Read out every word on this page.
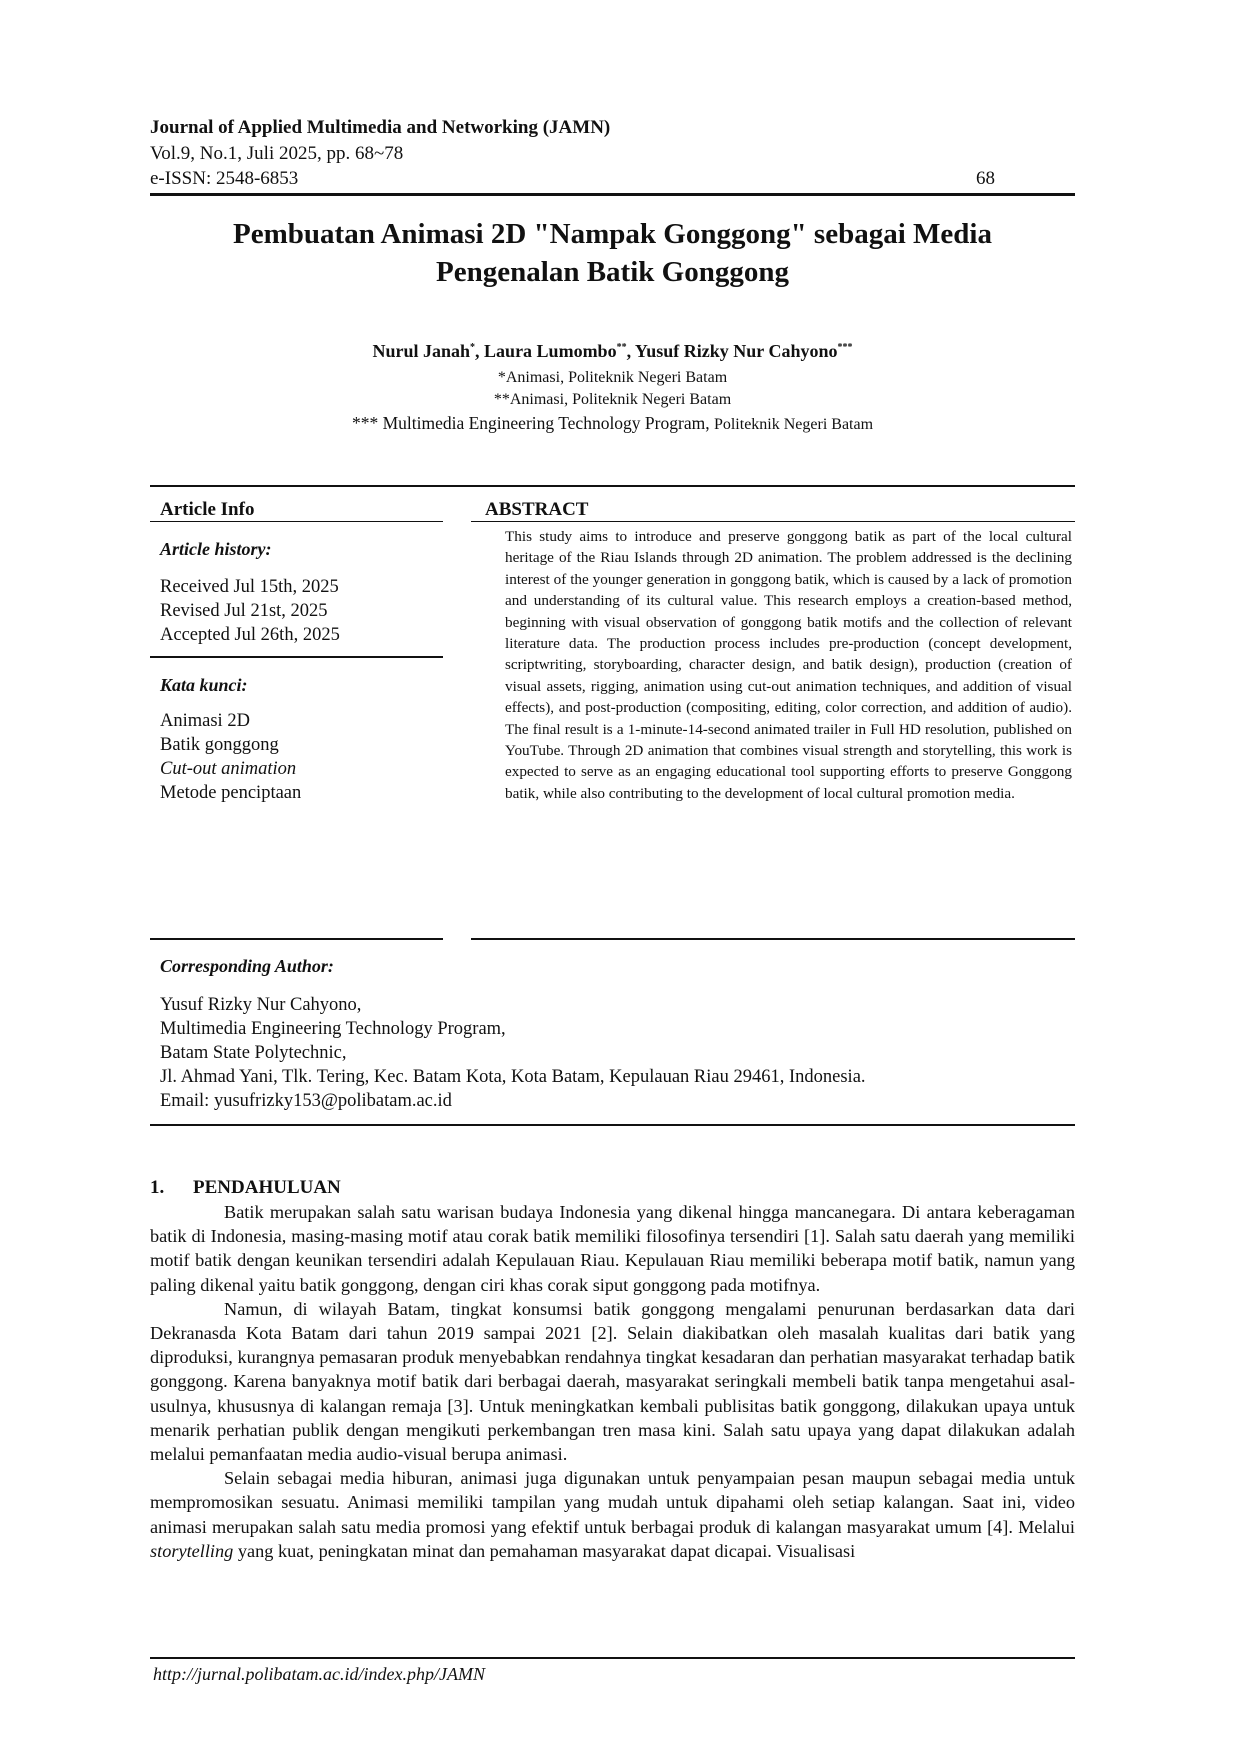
Journal of Applied Multimedia and Networking (JAMN)
Vol.9, No.1, Juli 2025, pp. 68~78
e-ISSN: 2548-6853	68
Pembuatan Animasi 2D "Nampak Gonggong" sebagai Media
Pengenalan Batik Gonggong
Nurul Janah*, Laura Lumombo**, Yusuf Rizky Nur Cahyono***
*Animasi, Politeknik Negeri Batam
**Animasi, Politeknik Negeri Batam
*** Multimedia Engineering Technology Program, Politeknik Negeri Batam
Article Info	ABSTRACT
Article history:
Received Jul 15th, 2025
Revised Jul 21st, 2025
Accepted Jul 26th, 2025
Kata kunci:
Animasi 2D
Batik gonggong
Cut-out animation
Metode penciptaan
This study aims to introduce and preserve gonggong batik as part of the local cultural heritage of the Riau Islands through 2D animation. The problem addressed is the declining interest of the younger generation in gonggong batik, which is caused by a lack of promotion and understanding of its cultural value. This research employs a creation-based method, beginning with visual observation of gonggong batik motifs and the collection of relevant literature data. The production process includes pre-production (concept development, scriptwriting, storyboarding, character design, and batik design), production (creation of visual assets, rigging, animation using cut-out animation techniques, and addition of visual effects), and post-production (compositing, editing, color correction, and addition of audio). The final result is a 1-minute-14-second animated trailer in Full HD resolution, published on YouTube. Through 2D animation that combines visual strength and storytelling, this work is expected to serve as an engaging educational tool supporting efforts to preserve Gonggong batik, while also contributing to the development of local cultural promotion media.
Corresponding Author:
Yusuf Rizky Nur Cahyono,
Multimedia Engineering Technology Program,
Batam State Polytechnic,
Jl. Ahmad Yani, Tlk. Tering, Kec. Batam Kota, Kota Batam, Kepulauan Riau 29461, Indonesia.
Email: yusufrizky153@polibatam.ac.id
1. PENDAHULUAN

Batik merupakan salah satu warisan budaya Indonesia yang dikenal hingga mancanegara. Di antara keberagaman batik di Indonesia, masing-masing motif atau corak batik memiliki filosofinya tersendiri [1]. Salah satu daerah yang memiliki motif batik dengan keunikan tersendiri adalah Kepulauan Riau. Kepulauan Riau memiliki beberapa motif batik, namun yang paling dikenal yaitu batik gonggong, dengan ciri khas corak siput gonggong pada motifnya.

Namun, di wilayah Batam, tingkat konsumsi batik gonggong mengalami penurunan berdasarkan data dari Dekranasda Kota Batam dari tahun 2019 sampai 2021 [2]. Selain diakibatkan oleh masalah kualitas dari batik yang diproduksi, kurangnya pemasaran produk menyebabkan rendahnya tingkat kesadaran dan perhatian masyarakat terhadap batik gonggong. Karena banyaknya motif batik dari berbagai daerah, masyarakat seringkali membeli batik tanpa mengetahui asal-usulnya, khususnya di kalangan remaja [3]. Untuk meningkatkan kembali publisitas batik gonggong, dilakukan upaya untuk menarik perhatian publik dengan mengikuti perkembangan tren masa kini. Salah satu upaya yang dapat dilakukan adalah melalui pemanfaatan media audio-visual berupa animasi.

Selain sebagai media hiburan, animasi juga digunakan untuk penyampaian pesan maupun sebagai media untuk mempromosikan sesuatu. Animasi memiliki tampilan yang mudah untuk dipahami oleh setiap kalangan. Saat ini, video animasi merupakan salah satu media promosi yang efektif untuk berbagai produk di kalangan masyarakat umum [4]. Melalui storytelling yang kuat, peningkatan minat dan pemahaman masyarakat dapat dicapai. Visualisasi

http://jurnal.polibatam.ac.id/index.php/JAMN
